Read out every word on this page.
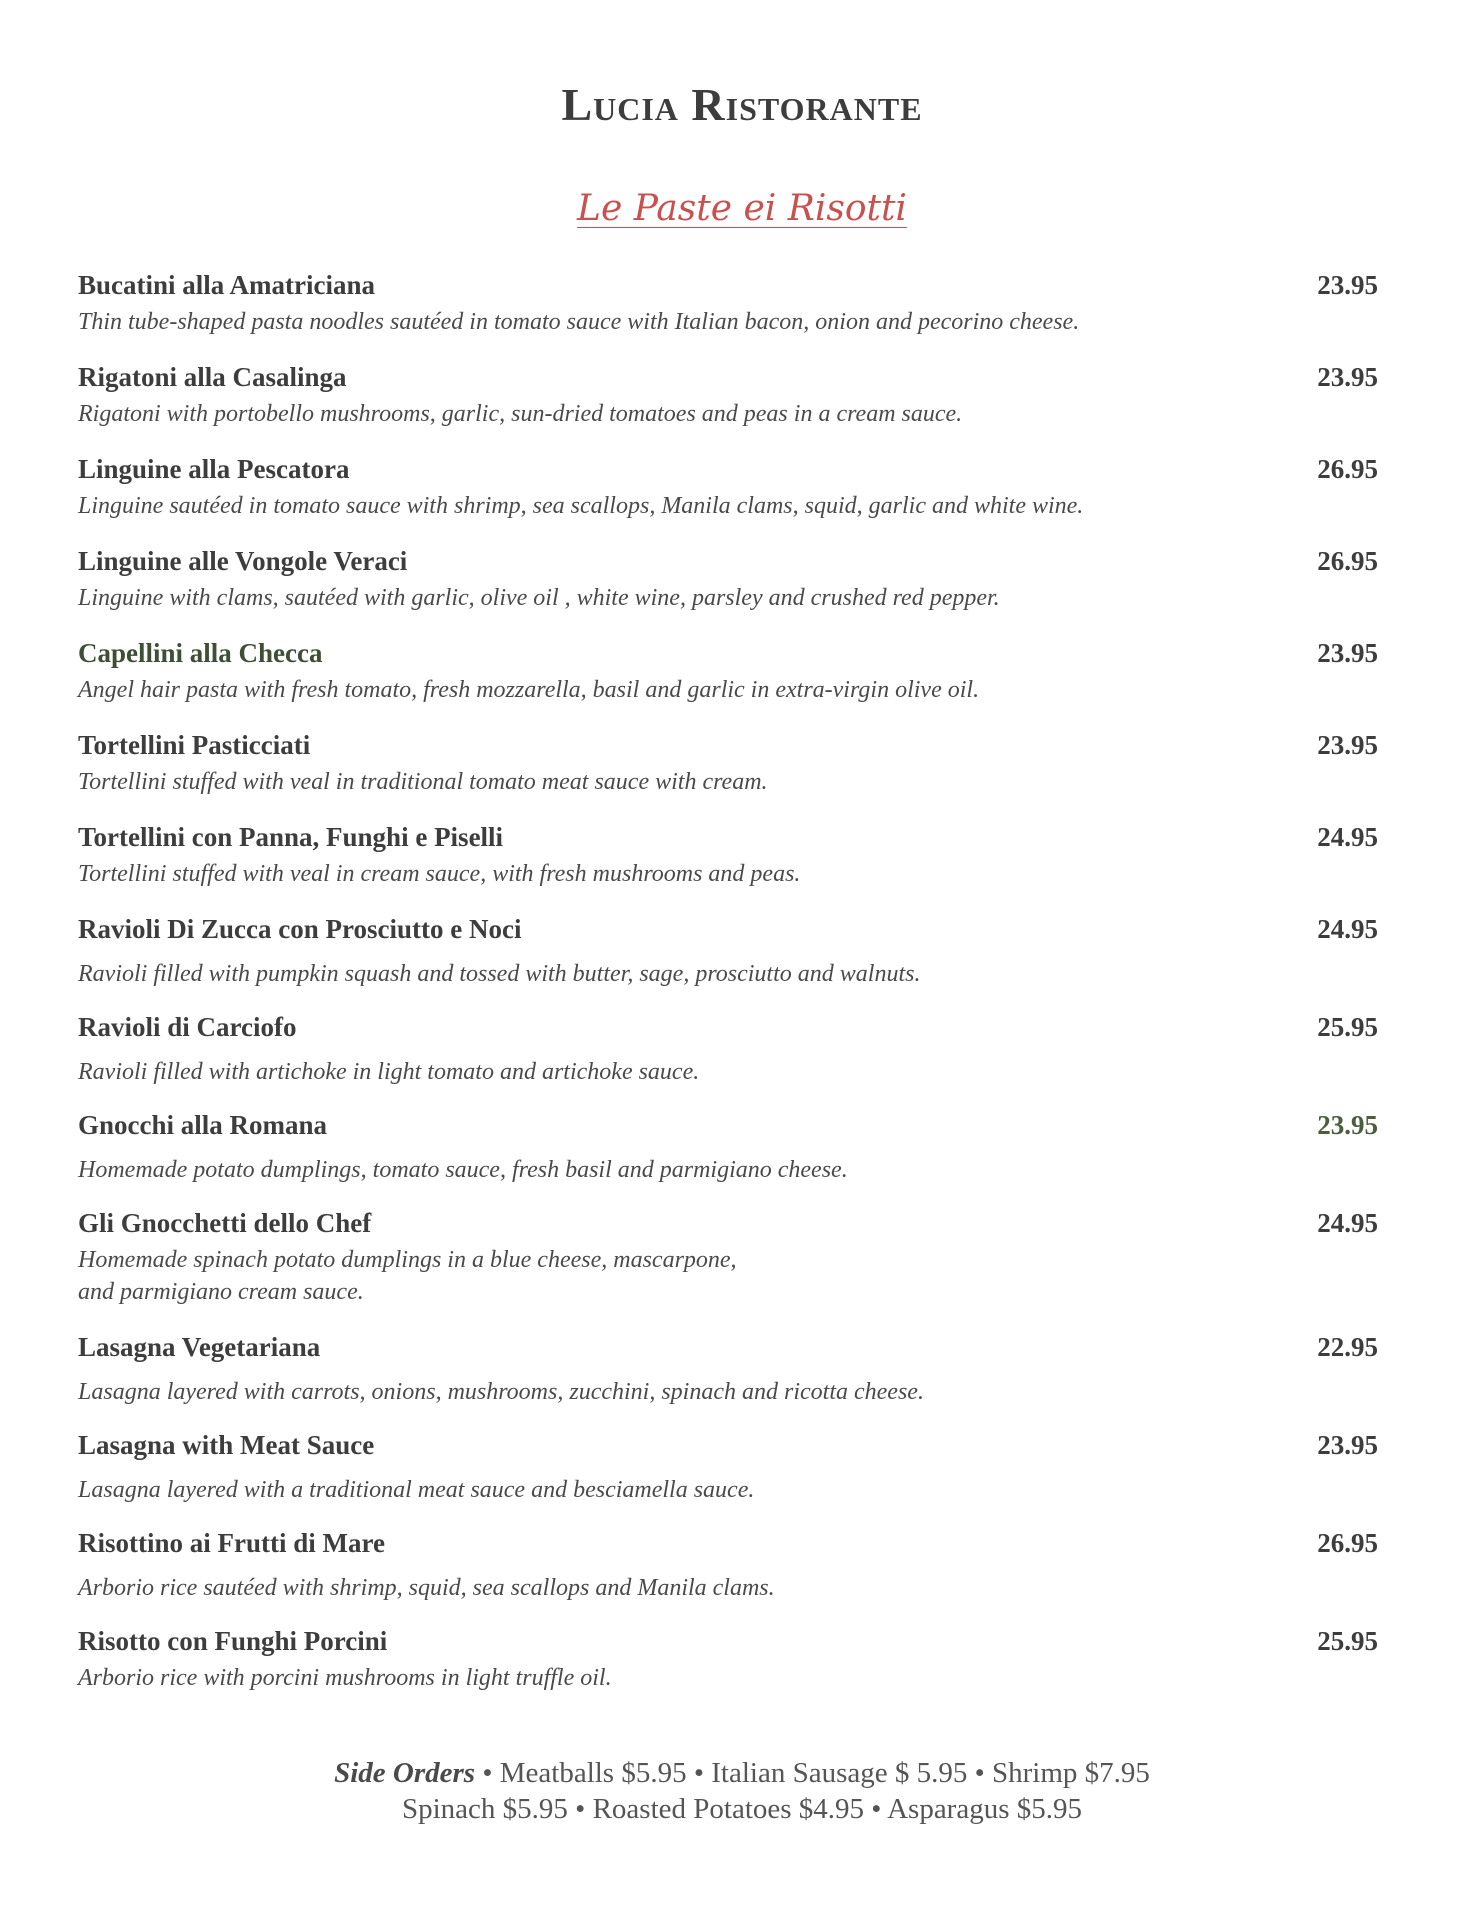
Lucia Ristorante
Le Paste ei Risotti
Bucatini alla Amatriciana	23.95
Thin tube-shaped pasta noodles sautéed in tomato sauce with Italian bacon, onion and pecorino cheese.
Rigatoni alla Casalinga	23.95
Rigatoni with portobello mushrooms, garlic, sun-dried tomatoes and peas in a cream sauce.
Linguine alla Pescatora	26.95
Linguine sautéed in tomato sauce with shrimp, sea scallops, Manila clams, squid, garlic and white wine.
Linguine alle Vongole Veraci	26.95
Linguine with clams, sautéed with garlic, olive oil , white wine, parsley and crushed red pepper.
Capellini alla Checca	23.95
Angel hair pasta with fresh tomato, fresh mozzarella, basil and garlic in extra-virgin olive oil.
Tortellini Pasticciati	23.95
Tortellini stuffed with veal in traditional tomato meat sauce with cream.
Tortellini con Panna, Funghi e Piselli	24.95
Tortellini stuffed with veal in cream sauce, with fresh mushrooms and peas.
Ravioli Di Zucca con Prosciutto e Noci	24.95
Ravioli filled with pumpkin squash and tossed with butter, sage, prosciutto and walnuts.
Ravioli di Carciofo	25.95
Ravioli filled with artichoke in light tomato and artichoke sauce.
Gnocchi alla Romana	23.95
Homemade potato dumplings, tomato sauce, fresh basil and parmigiano cheese.
Gli Gnocchetti dello Chef	24.95
Homemade spinach potato dumplings in a blue cheese, mascarpone,
and parmigiano cream sauce.
Lasagna Vegetariana	22.95
Lasagna layered with carrots, onions, mushrooms, zucchini, spinach and ricotta cheese.
Lasagna with Meat Sauce	23.95
Lasagna layered with a traditional meat sauce and besciamella sauce.
Risottino ai Frutti di Mare	26.95
Arborio rice sautéed with shrimp, squid, sea scallops and Manila clams.
Risotto con Funghi Porcini	25.95
Arborio rice with porcini mushrooms in light truffle oil.
Side Orders • Meatballs $5.95 • Italian Sausage $ 5.95 • Shrimp $7.95
Spinach $5.95 • Roasted Potatoes $4.95 • Asparagus $5.95
